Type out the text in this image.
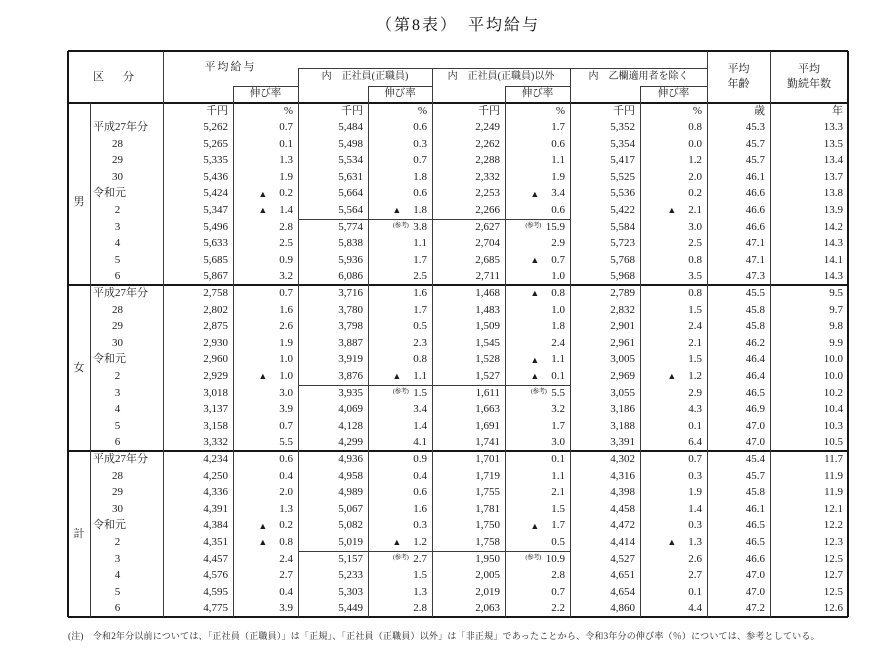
（第8表）　平均給与
区　分
平均給与
内　正社員(正職員)	内　正社員(正職員)以外	内　乙欄適用者を除く
伸び率	伸び率	伸び率	伸び率
平均
年齢
平均
勤続年数
千円	%	千円	%	千円	%	千円	%	歳	年
男
平成27年分	5,262	0.7	5,484	0.6	2,249	1.7	5,352	0.8	45.3	13.3
28	5,265	0.1	5,498	0.3	2,262	0.6	5,354	0.0	45.7	13.5
29	5,335	1.3	5,534	0.7	2,288	1.1	5,417	1.2	45.7	13.4
30	5,436	1.9	5,631	1.8	2,332	1.9	5,525	2.0	46.1	13.7
令和元	5,424	▲ 0.2	5,664	0.6	2,253	▲ 3.4	5,536	0.2	46.6	13.8
2	5,347	▲ 1.4	5,564	▲ 1.8	2,266	0.6	5,422	▲ 2.1	46.6	13.9
3	5,496	2.8	5,774	(参考) 3.8	2,627	(参考) 15.9	5,584	3.0	46.6	14.2
4	5,633	2.5	5,838	1.1	2,704	2.9	5,723	2.5	47.1	14.3
5	5,685	0.9	5,936	1.7	2,685	▲ 0.7	5,768	0.8	47.1	14.1
6	5,867	3.2	6,086	2.5	2,711	1.0	5,968	3.5	47.3	14.3
女
平成27年分	2,758	0.7	3,716	1.6	1,468	▲ 0.8	2,789	0.8	45.5	9.5
28	2,802	1.6	3,780	1.7	1,483	1.0	2,832	1.5	45.8	9.7
29	2,875	2.6	3,798	0.5	1,509	1.8	2,901	2.4	45.8	9.8
30	2,930	1.9	3,887	2.3	1,545	2.4	2,961	2.1	46.2	9.9
令和元	2,960	1.0	3,919	0.8	1,528	▲ 1.1	3,005	1.5	46.4	10.0
2	2,929	▲ 1.0	3,876	▲ 1.1	1,527	▲ 0.1	2,969	▲ 1.2	46.4	10.0
3	3,018	3.0	3,935	(参考) 1.5	1,611	(参考) 5.5	3,055	2.9	46.5	10.2
4	3,137	3.9	4,069	3.4	1,663	3.2	3,186	4.3	46.9	10.4
5	3,158	0.7	4,128	1.4	1,691	1.7	3,188	0.1	47.0	10.3
6	3,332	5.5	4,299	4.1	1,741	3.0	3,391	6.4	47.0	10.5
計
平成27年分	4,234	0.6	4,936	0.9	1,701	0.1	4,302	0.7	45.4	11.7
28	4,250	0.4	4,958	0.4	1,719	1.1	4,316	0.3	45.7	11.9
29	4,336	2.0	4,989	0.6	1,755	2.1	4,398	1.9	45.8	11.9
30	4,391	1.3	5,067	1.6	1,781	1.5	4,458	1.4	46.1	12.1
令和元	4,384	▲ 0.2	5,082	0.3	1,750	▲ 1.7	4,472	0.3	46.5	12.2
2	4,351	▲ 0.8	5,019	▲ 1.2	1,758	0.5	4,414	▲ 1.3	46.5	12.3
3	4,457	2.4	5,157	(参考) 2.7	1,950	(参考) 10.9	4,527	2.6	46.6	12.5
4	4,576	2.7	5,233	1.5	2,005	2.8	4,651	2.7	47.0	12.7
5	4,595	0.4	5,303	1.3	2,019	0.7	4,654	0.1	47.0	12.5
6	4,775	3.9	5,449	2.8	2,063	2.2	4,860	4.4	47.2	12.6
(注)　令和2年分以前については、「正社員（正職員）」は「正規」、「正社員（正職員）以外」は「非正規」であったことから、令和3年分の伸び率（％）については、参考としている。
